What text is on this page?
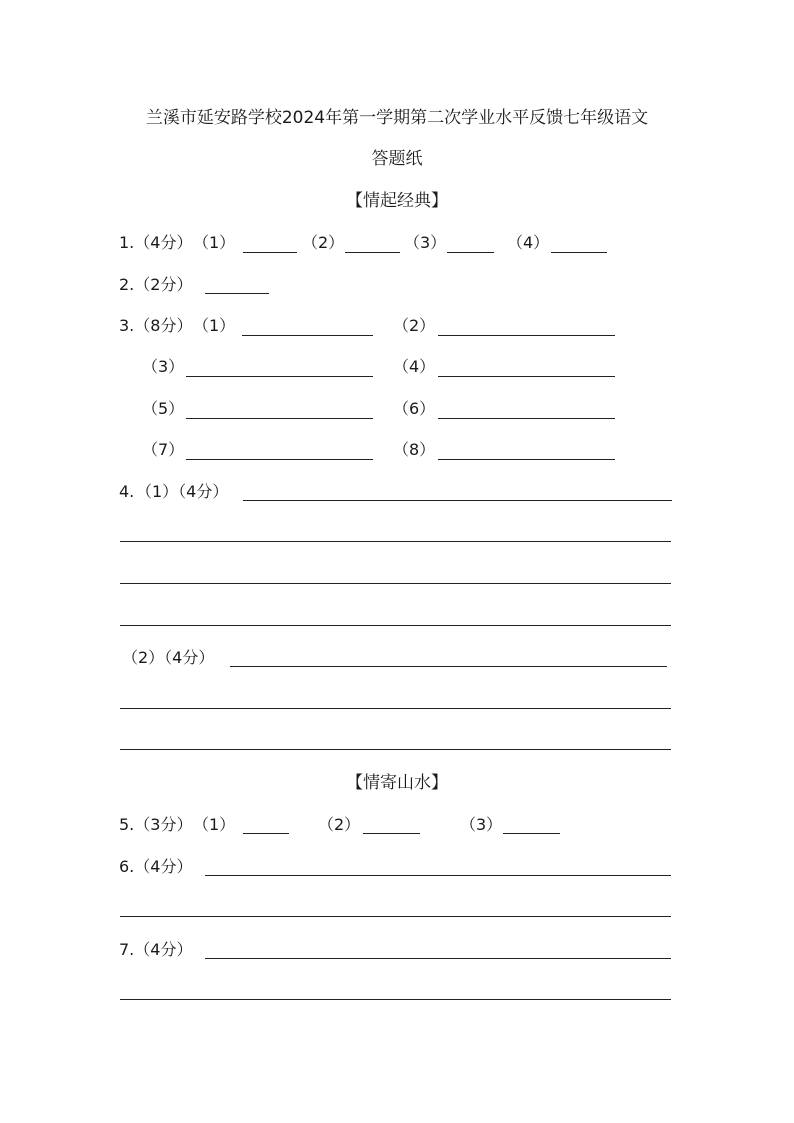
兰溪市延安路学校2024年第一学期第二次学业水平反馈七年级语文
答题纸
【情起经典】
1.（4分） （1）	（2）	（3）	（4）
2.（2分）
3.（8分） （1）	（2）
（3）	（4）
（5）	（6）
（7）	（8）
4. （1）（4分）
（2）（4分）
【情寄山水】
5.（3分） （1）	（2）	（3）
6.（4分）
7.（4分）
